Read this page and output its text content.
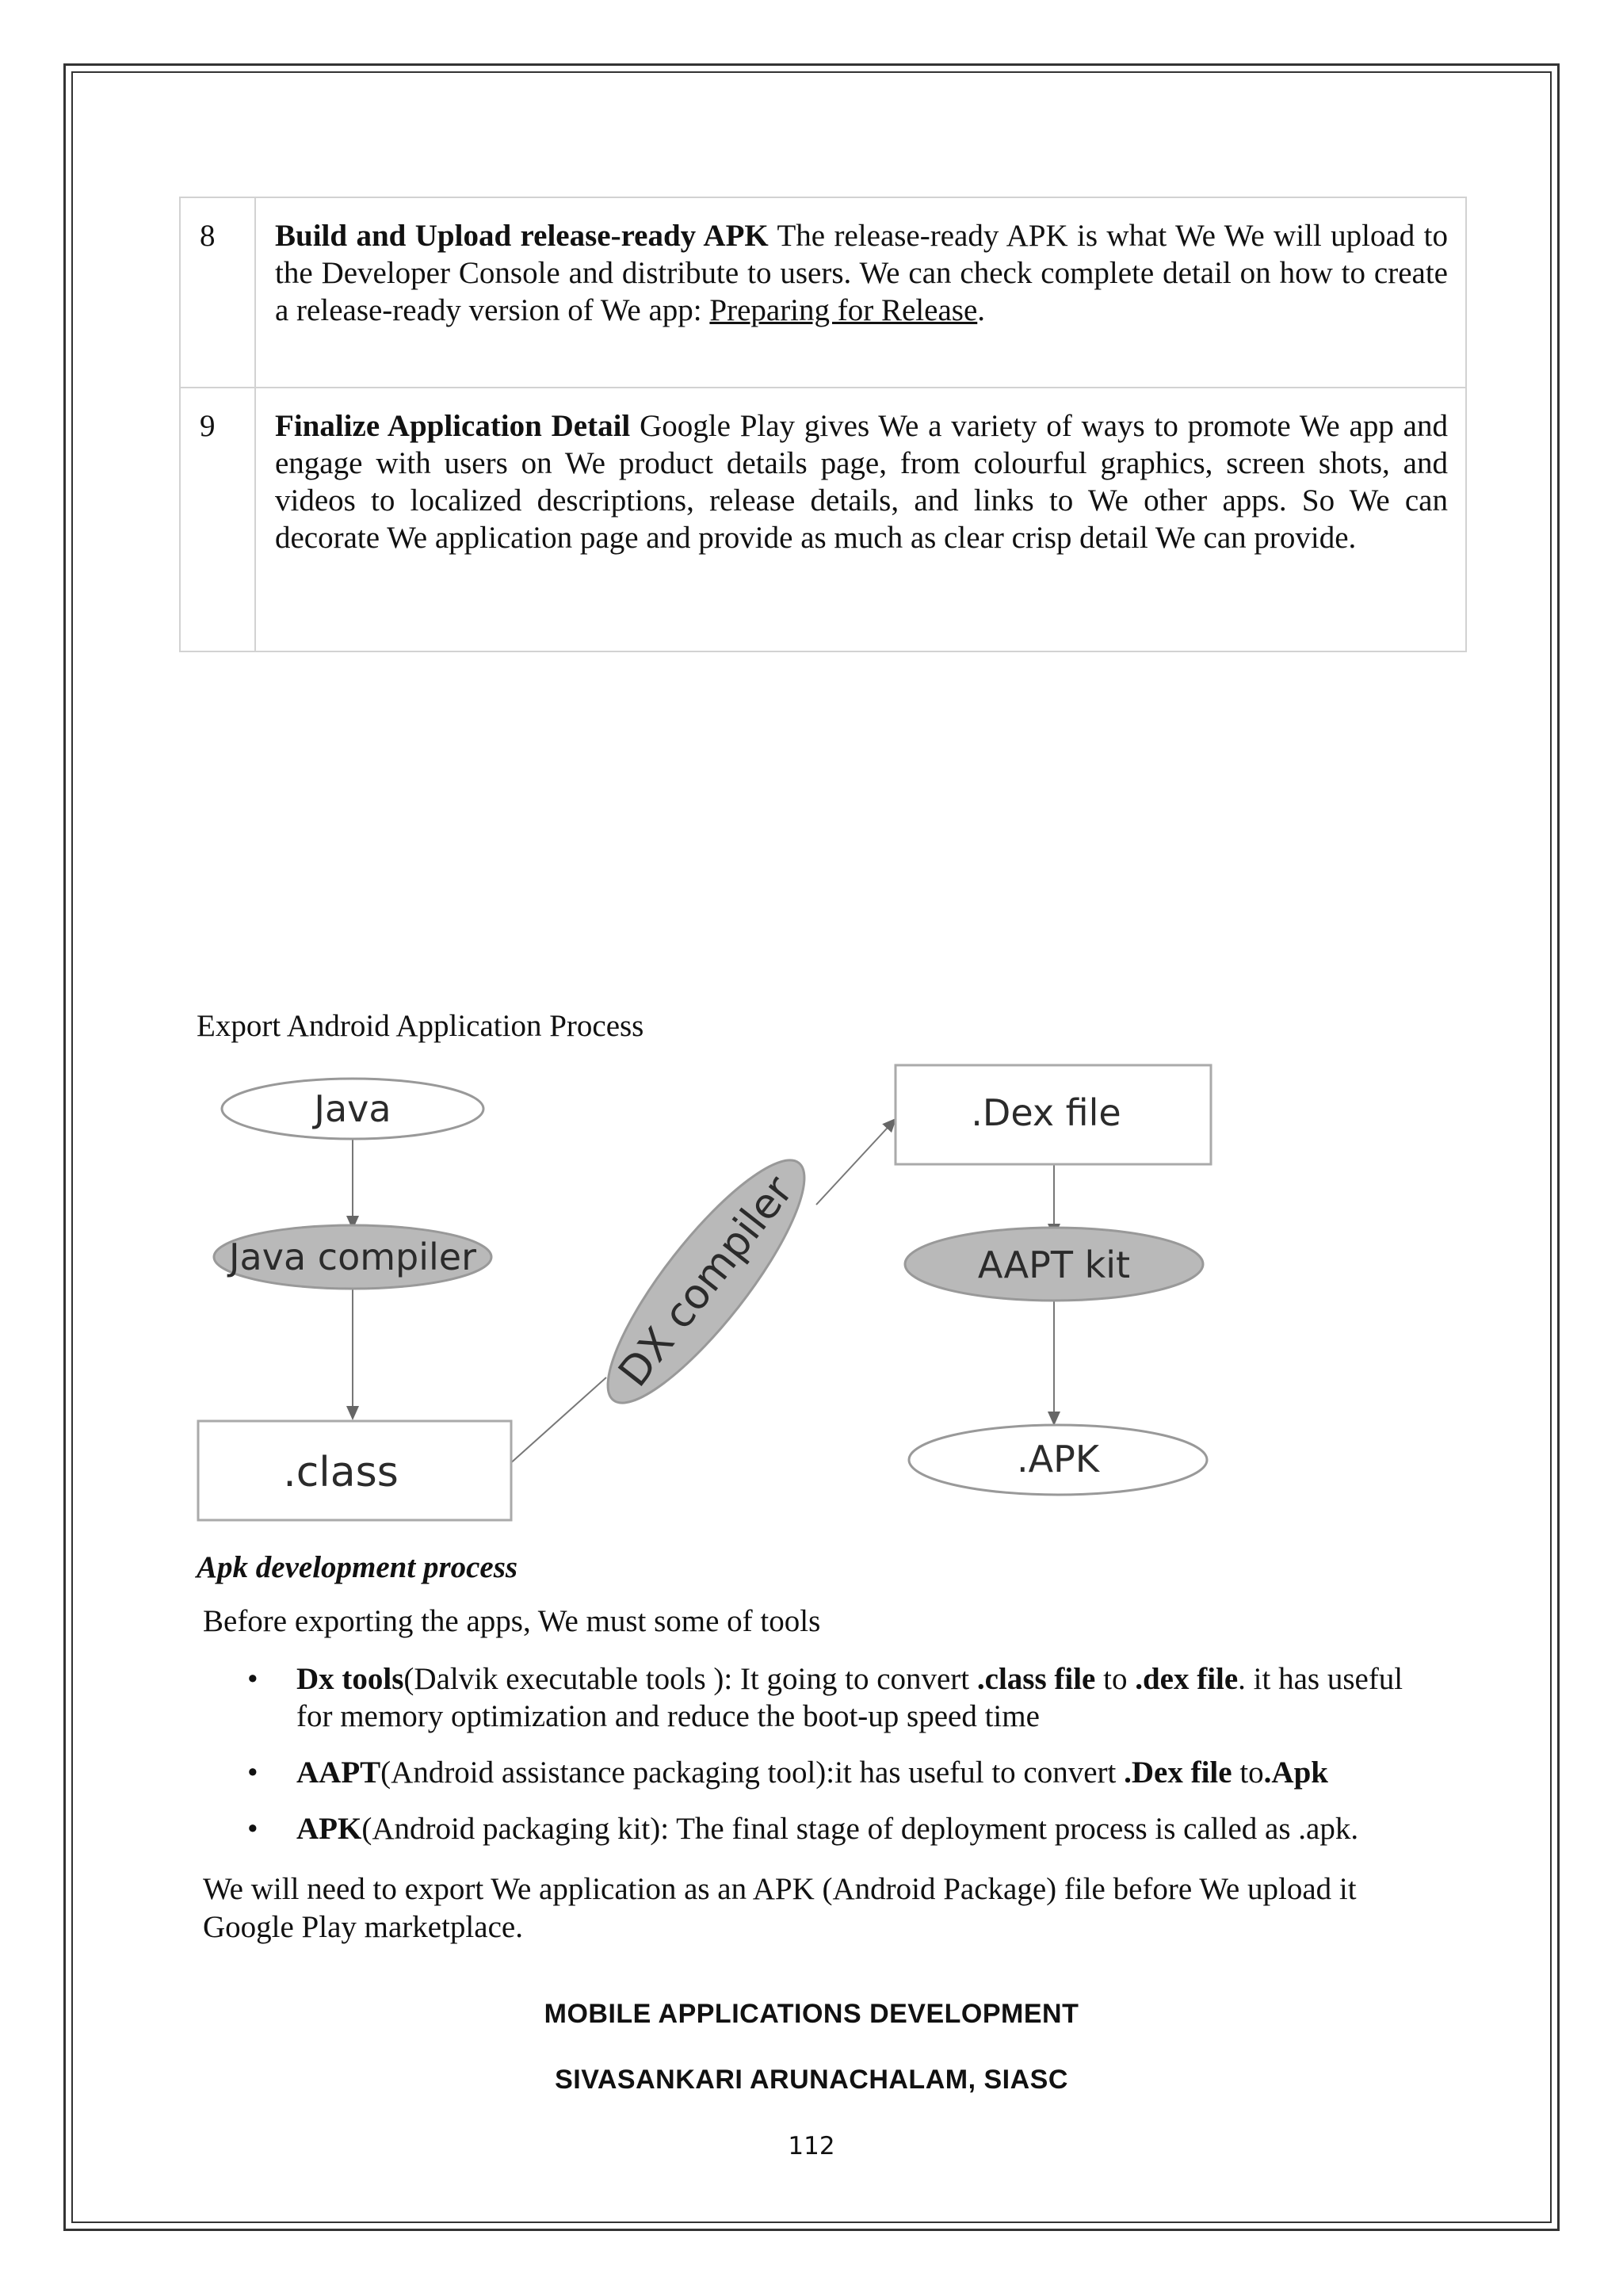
8	Build and Upload release-ready APK The release-ready APK is what We We will upload to the Developer Console and distribute to users. We can check complete detail on how to create a release-ready version of We app: Preparing for Release.
9	Finalize Application Detail Google Play gives We a variety of ways to promote We app and engage with users on We product details page, from colourful graphics, screen shots, and videos to localized descriptions, release details, and links to We other apps. So We can decorate We application page and provide as much as clear crisp detail We can provide.
Export Android Application Process
Java
Java compiler
.class
DX compiler
.Dex file
AAPT kit
.APK
Apk development process
Before exporting the apps, We must some of tools
• Dx tools(Dalvik executable tools ): It going to convert .class file to .dex file. it has useful for memory optimization and reduce the boot-up speed time
• AAPT(Android assistance packaging tool):it has useful to convert .Dex file to.Apk
• APK(Android packaging kit): The final stage of deployment process is called as .apk.
We will need to export We application as an APK (Android Package) file before We upload it Google Play marketplace.
MOBILE APPLICATIONS DEVELOPMENT
SIVASANKARI ARUNACHALAM, SIASC
112
